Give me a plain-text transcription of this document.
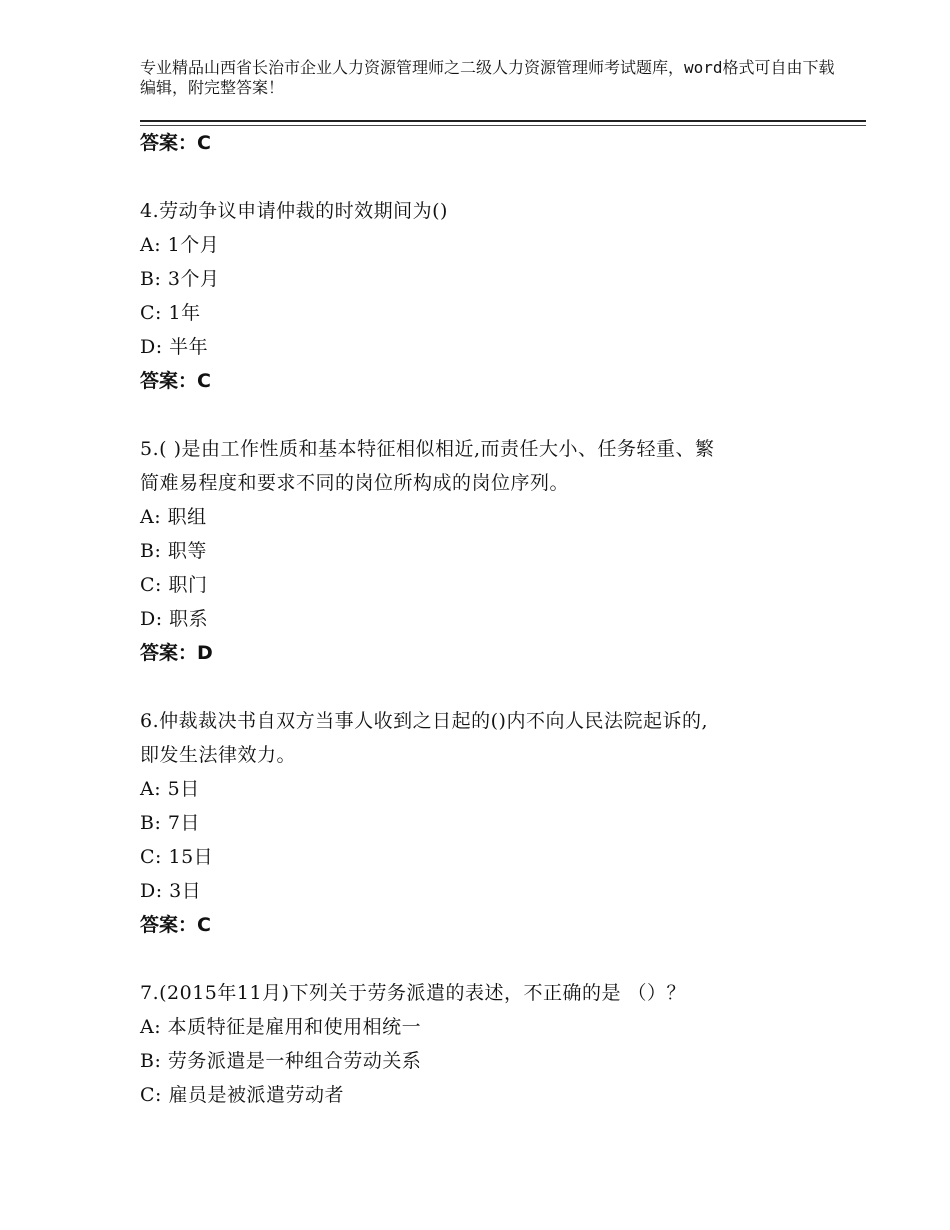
专业精品山西省长治市企业人力资源管理师之二级人力资源管理师考试题库，word格式可自由下载编辑，附完整答案！
答案：C
4.劳动争议申请仲裁的时效期间为()
A: 1个月
B: 3个月
C: 1年
D: 半年
答案：C
5.( )是由工作性质和基本特征相似相近,而责任大小、任务轻重、繁
简难易程度和要求不同的岗位所构成的岗位序列。
A: 职组
B: 职等
C: 职门
D: 职系
答案：D
6.仲裁裁决书自双方当事人收到之日起的()内不向人民法院起诉的,
即发生法律效力。
A: 5日
B: 7日
C: 15日
D: 3日
答案：C
7.(2015年11月)下列关于劳务派遣的表述，不正确的是 （）？
A: 本质特征是雇用和使用相统一
B: 劳务派遣是一种组合劳动关系
C: 雇员是被派遣劳动者
